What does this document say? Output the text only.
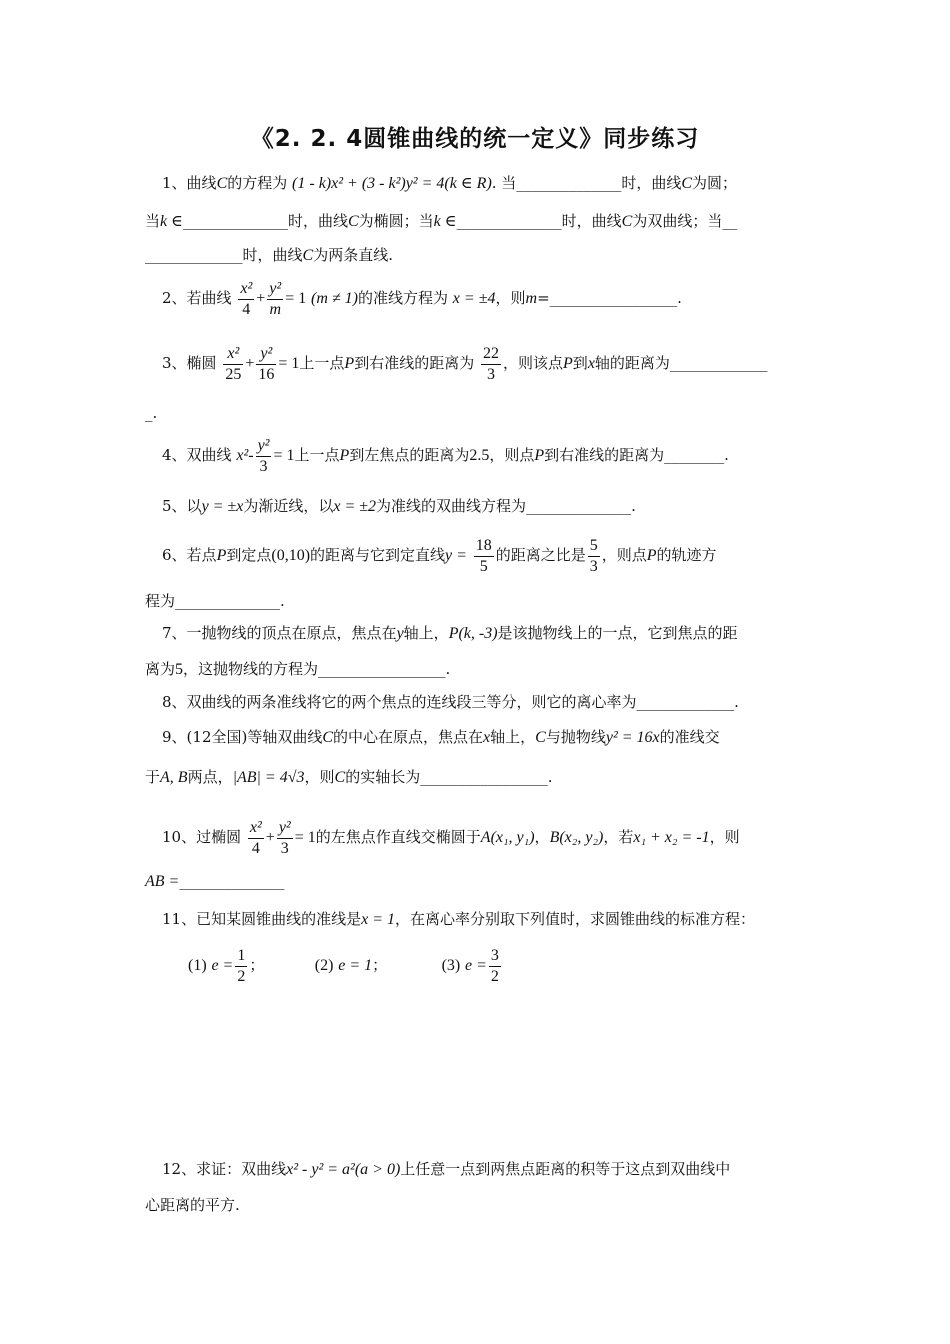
《2. 2. 4圆锥曲线的统一定义》同步练习
1、曲线C的方程为 (1 - k)x² + (3 - k²)y² = 4(k ∈ R). 当______________时，曲线C为圆；
当k ∈______________时，曲线C为椭圆；当k ∈______________时，曲线C为双曲线；当__
_____________时，曲线C为两条直线.
2、若曲线 $\frac{\text{x²}}{4} + \frac{\text{y²}}{m} = 1$ (m ≠ 1)的准线方程为 x = ±4，则m=_________________.
3、椭圆 $\frac{\text{x²}}{25} + \frac{\text{y²}}{16} = 1$上一点P到右准线的距离为 $\frac{22}{3}$ ，则该点P到x轴的距离为_____________
_.
4、双曲线 $x^2- \frac{\text{y²}}{3} = 1$上一点P到左焦点的距离为2.5，则点P到右准线的距离为________.
5、以y = ±x为渐近线，以x = ±2为准线的双曲线方程为______________.
6、若点P到定点(0,10)的距离与它到定直线$y = \frac{18}{5}$ 的距离之比是 $\frac{5}{3}$ ，则点P的轨迹方
程为______________.
7、一抛物线的顶点在原点，焦点在y轴上，P(k, -3)是该抛物线上的一点，它到焦点的距
离为5，这抛物线的方程为_________________.
8、双曲线的两条准线将它的两个焦点的连线段三等分，则它的离心率为_____________.
9、(12全国)等轴双曲线C的中心在原点，焦点在x轴上，C与抛物线y² = 16x的准线交
于A, B两点，|AB| = 4√3，则C的实轴长为_________________.
10、过椭圆 $\frac{\text{x²}}{4} + \frac{\text{y²}}{3} = 1$的左焦点作直线交椭圆于A(x₁, y₁)，B(x₂, y₂)，若x₁ + x₂ = -1，则
AB =______________
11、已知某圆锥曲线的准线是x = 1，在离心率分别取下列值时，求圆锥曲线的标准方程：
(1) $e = \frac{1}{2}$ ；	(2) e = 1；	(3) $e = \frac{3}{2}$
12、求证：双曲线x² - y² = a²(a > 0)上任意一点到两焦点距离的积等于这点到双曲线中
心距离的平方.
